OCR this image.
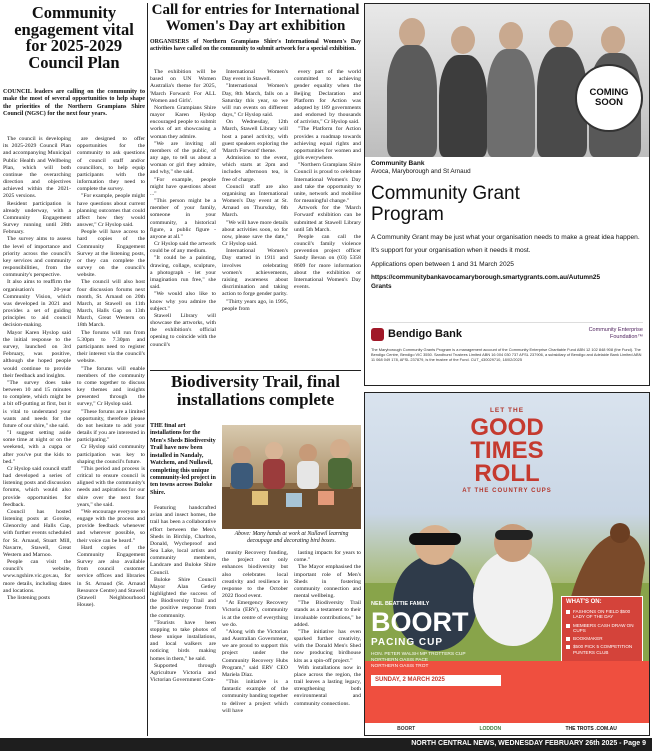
Community engagement vital for 2025-2029 Council Plan
COUNCIL leaders are calling on the community to make the most of several opportunities to help shape the priorities of the Northern Grampians Shire Council (NGSC) for the next four years.

The council is developing its 2025-2029 Council Plan and accompanying Municipal Public Health and Wellbeing Plan, which will both continue the overarching direction and objectives achieved within the 2021-2025 versions.

Resident participation is already underway, with a Community Engagement Survey running until 28th February.

The survey aims to assess the level of importance and priority across the council's key services and community responsibilities, from the community's perspective.

It also aims to reaffirm the organisation's 20-year Community Vision, which was developed in 2021 and provides a set of guiding principles to aid council decision-making.

Mayor Karen Hyslop said the initial response to the survey, launched on 3rd February, was positive, although she hoped people would continue to provide their feedback and insights.

"The survey does take between 10 and 15 minutes to complete, which might be a bit off-putting at first, but it is vital to understand your wants and needs for the future of our shire," she said.

"I suggest setting aside some time at night or on the weekend, with a cuppa or after you've put the kids to bed."

Cr Hyslop said council staff had developed a series of listening posts and discussion forums, which would also provide opportunities for feedback.

Council has hosted listening posts at Goroke, Glenorchy and Halls Gap, with further events scheduled for St. Arnaud, Stuart Mill, Navarre, Stawell, Great Western and Marnoo.

People can visit the council's website, www.ngshire.vic.gov.au, for more details, including dates and locations.

The listening posts

are designed to offer opportunities for the community to ask questions of council staff and/or councillors, to help equip participants with the information they need to complete the survey.

"For example, people might have questions about current planning outcomes that could affect how they would answer," Cr Hyslop said.

People will have access to hard copies of the Community Engagement Survey at the listening posts, or they can complete the survey on the council's website.

The council will also host four discussion forums next month, St. Arnaud on 20th March, at Stawell on 11th March, Halls Gap on 13th March, Great Western on 18th March.

The forums will run from 5.30pm to 7.30pm and participants need to register their interest via the council's website.

"The forums will enable members of the community to come together to discuss key themes and insights presented through the survey," Cr Hyslop said.

"These forums are a limited opportunity, therefore please do not hesitate to add your details if you are interested in participating."

Cr Hyslop said community participation was key to shaping the council's future.

"This period and process is critical to ensure council is aligned with the community's needs and aspirations for our shire over the next four years," she said.

"We encourage everyone to engage with the process and provide feedback whenever and wherever possible, so their voice can be heard."

Hard copies of the Community Engagement Survey are also available from council customer service offices and libraries in St. Arnaud (St. Arnaud Resource Centre) and Stawell (Stawell Neighbourhood House).

Call for entries for International Women's Day art exhibition
ORGANISERS of Northern Grampians Shire's International Women's Day activities have called on the community to submit artwork for a special exhibition.

The exhibition will be based on UN Women Australia's theme for 2025, 'March Forward: For ALL Women and Girls'.

Northern Grampians Shire mayor Karen Hyslop encouraged people to submit works of art showcasing a woman they admire.

"We are inviting all members of the public, of any age, to tell us about a woman or girl they admire, and why," she said.

"For example, people might have questions about ..."

"This person might be a member of your family, someone in your community, a historical figure, a public figure - anyone at all."

Cr Hyslop said the artwork could be of any medium.

"It could be a painting, drawing, collage, sculpture, a photograph - let your imagination run free," she said.

"We would also like to know why you admire the subject."

Stawell Library will showcase the artworks, with the exhibition's official opening to coincide with the council's

International Women's Day event in Stawell.

"International Women's Day, 8th March, falls on a Saturday this year, so we will run events on different days," Cr Hyslop said.

On Wednesday, 12th March, Stawell Library will host a panel activity, with guest speakers exploring the 'March Forward' theme.

Admission to the event, which starts at 2pm and includes afternoon tea, is free of charge.

Council staff are also organising an International Women's Day event at St. Arnaud on Thursday, 6th March.

"We will have more details about activities soon, so for now, please save the date," Cr Hyslop said.

International Women's Day started in 1911 and involves celebrating women's achievements, raising awareness about discrimination and taking action to forge gender parity.

"Thirty years ago, in 1995, people from

every part of the world committed to achieving gender equality when the Beijing Declaration and Platform for Action was adopted by 189 governments and endorsed by thousands of activists," Cr Hyslop said.

"The Platform for Action provides a roadmap towards achieving equal rights and opportunities for women and girls everywhere.

"Northern Grampians Shire Council is proud to celebrate International Women's Day and take the opportunity to unite, network and mobilise for meaningful change."

Artwork for the 'March Forward' exhibition can be submitted at Stawell Library until 5th March.

People can call the council's family violence prevention project officer Sandy Bevan on (03) 5358 8609 for more information about the exhibition or International Women's Day events.

Biodiversity Trail, final installations complete
THE final art installations for the Men's Sheds Biodiversity Trail have now been installed in Nandaly, Watchem, and Nullawil, completing this unique community-led project in ten towns across Buloke Shire.

Featuring handcrafted avian and insect homes, the trail has been a collaborative effort between the Men's Sheds in Birchip, Charlton, Donald, Wycheproof and Sea Lake, local artists and community members, Landcare and Buloke Shire Council.

Buloke Shire Council Mayor Alan Getley highlighted the success of the Biodiversity Trail and the positive response from the community.

"Tourists have been stopping to take photos of these unique installations, and local walkers are noticing birds making homes in them," he said.

Supported through Agriculture Victoria and Victorian Government Com-

Above: Many hands at work at Nullawil learning decoupage and decorating bird boxes.

munity Recovery funding, the project not only enhances biodiversity but also celebrates local creativity and resilience in response to the October 2022 flood event.

"At Emergency Recovery Victoria (ERV), community is at the centre of everything we do.

"Along with the Victorian and Australian Government, we are proud to support this project under the Community Recovery Hubs Program," said ERV CEO Mariela Diaz.

"This initiative is a fantastic example of the community banding together to deliver a project which will have

lasting impacts for years to come."

The Mayor emphasised the important role of Men's Sheds in fostering community connection and mental wellbeing.

"The Biodiversity Trail stands as a testament to their invaluable contributions," he added.

"The initiative has even sparked further creativity, with the Donald Men's Shed now producing birdhouse kits as a spin-off project."

With installations now in place across the region, the trail leaves a lasting legacy, strengthening both environmental and community connections.

COMING SOON
Community Bank
Avoca, Maryborough and St Arnaud
Community Grant Program
A Community Grant may be just what your organisation needs to make a great idea happen.
It's support for your organisation when it needs it most.
Applications open between 1 and 31 March 2025
https://communitybankavocamaryborough.smartygrants.com.au/Autumn25Grants
Bendigo Bank	Community Enterprise Foundation™
The Maryborough Community Grants Program is a management account of the Community Enterprise Charitable Fund ABN 12 102 848 908 (the Fund). The Bendigo Centre, Bendigo VIC 3550. Sandhurst Trustees Limited ABN 16 004 030 737 AFSL 237906, a subsidiary of Bendigo and Adelaide Bank Limited ABN 11 068 049 178, AFSL 237879, is the trustee of the Fund. CUT_430029710, 18/02/2025
LET THE
GOOD
TIMES
ROLL
AT THE COUNTRY CUPS
WHAT'S ON:
FASHIONS ON FIELD $500 LADY OF THE DAY
MEMBERS CASH DRAW ON CUPS
BOOKMAKER
$500 PICK 5 COMPETITION PUNTERS CLUB
NEIL BEATTIE FAMILY
BOORT
PACING CUP
HON. PETER WALSH MP TROTTERS CUP
NORTHERN OASIS PACE
NORTHERN OASIS TROT
SUNDAY, 2 MARCH 2025
BOORT	LODDON	THE TROTS .COM.AU
NORTH CENTRAL NEWS, WEDNESDAY FEBRUARY 26th 2025 - Page 9
